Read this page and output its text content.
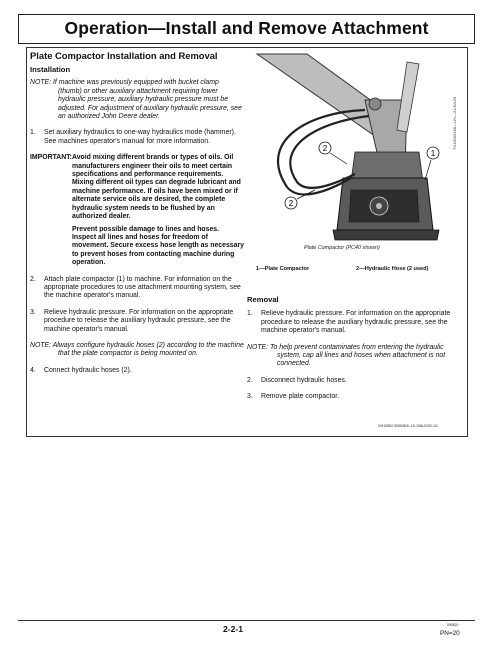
Operation—Install and Remove Attachment
Plate Compactor Installation and Removal
Installation
NOTE: If machine was previously equipped with bucket clamp (thumb) or other auxiliary attachment requiring lower hydraulic pressure, auxiliary hydraulic pressure must be adjusted. For adjustment of auxiliary hydraulic pressure, see an authorized John Deere dealer.
1.	Set auxiliary hydraulics to one-way hydraulics mode (hammer). See machines operator's manual for more information.
IMPORTANT: Avoid mixing different brands or types of oils. Oil manufacturers engineer their oils to meet certain specifications and performance requirements. Mixing different oil types can degrade lubricant and machine performance. If oils have been mixed or if alternate service oils are desired, the complete hydraulic system needs to be flushed by an authorized dealer.
Prevent possible damage to lines and hoses. Inspect all lines and hoses for freedom of movement. Secure excess hose length as necessary to prevent hoses from contacting machine during operation.
2.	Attach plate compactor (1) to machine. For information on the appropriate procedures to use attachment mounting system, see the machine operator's manual.
3.	Relieve hydraulic pressure. For information on the appropriate procedure to release the auxiliary hydraulic pressure, see the machine operator's manual.
NOTE: Always configure hydraulic hoses (2) according to the machine that the plate compactor is being mounted on.
4.	Connect hydraulic hoses (2).
2
2
1
TX1300315A—UN—21JUL20
Plate Compactor (PC40 shown)
1—Plate Compactor	2—Hydraulic Hose (2 used)
Removal
1.	Relieve hydraulic pressure. For information on the appropriate procedure to release the auxiliary hydraulic pressure, see the machine operator's manual.
NOTE: To help prevent contaminates from entering the hydraulic system, cap all lines and hoses when attachment is not connected.
2.	Disconnect hydraulic hoses.
3.	Remove plate compactor.
DH10802,00004E8 -19-15AUG20-1/1
2-2-1	090820
PN=20
